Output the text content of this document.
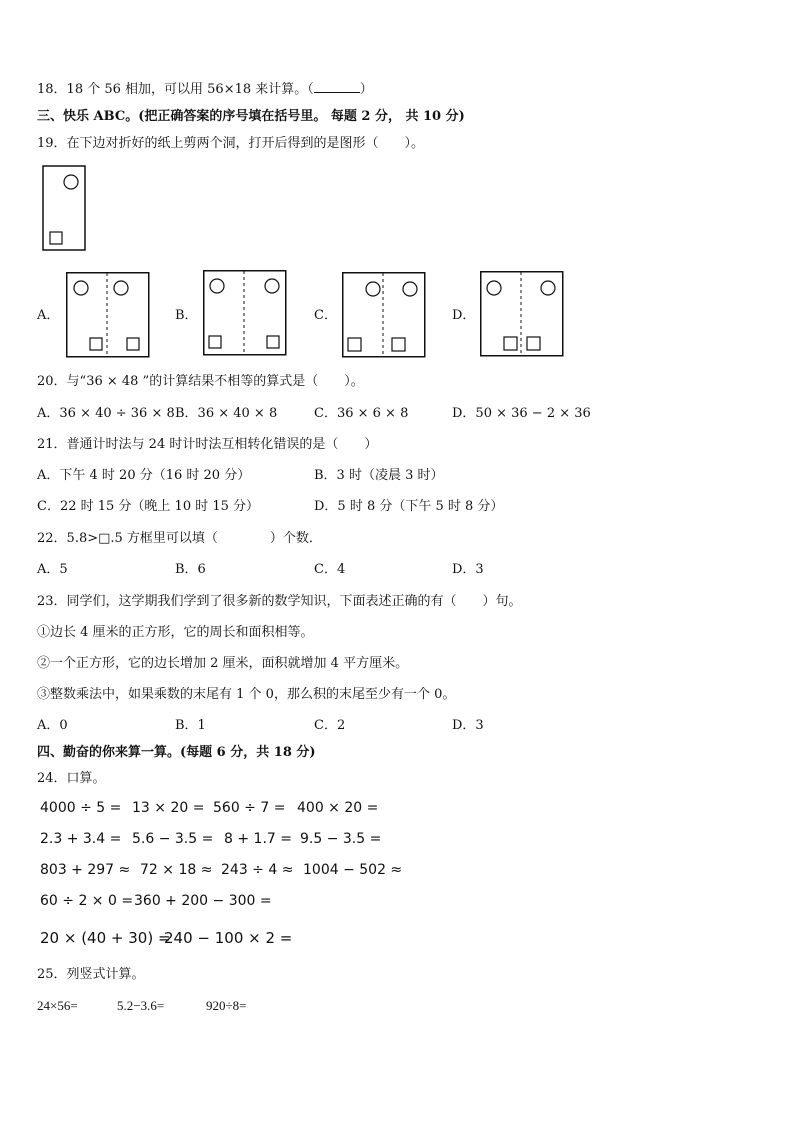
18．18 个 56 相加，可以用 56×18 来计算。（	）
三、快乐 ABC。(把正确答案的序号填在括号里。 每题 2 分， 共 10 分)
19．在下边对折好的纸上剪两个洞，打开后得到的是图形（　　）。
A．	B．	C．	D．
20．与“36 × 48 ”的计算结果不相等的算式是（　　）。
A．36 × 40 ÷ 36 × 8 B．36 × 40 × 8	C．36 × 6 × 8	D．50 × 36 − 2 × 36
21．普通计时法与 24 时计时法互相转化错误的是（　　）
A．下午 4 时 20 分（16 时 20 分）	B．3 时（凌晨 3 时）
C．22 时 15 分（晚上 10 时 15 分）	D．5 时 8 分（下午 5 时 8 分）
22．5.8>□.5 方框里可以填（　　　　）个数．
A．5	B．6	C．4	D．3
23．同学们，这学期我们学到了很多新的数学知识，下面表述正确的有（　　）句。
①边长 4 厘米的正方形，它的周长和面积相等。
②一个正方形，它的边长增加 2 厘米，面积就增加 4 平方厘米。
③整数乘法中，如果乘数的末尾有 1 个 0，那么积的末尾至少有一个 0。
A．0	B．1	C．2	D．3
四、勤奋的你来算一算。(每题 6 分，共 18 分)
24．口算。
4000 ÷ 5 = 13 × 20 = 560 ÷ 7 = 400 × 20 =
2.3 + 3.4 = 5.6 − 3.5 = 8 + 1.7 = 9.5 − 3.5 =
803 + 297 ≈ 72 × 18 ≈ 243 ÷ 4 ≈ 1004 − 502 ≈
60 ÷ 2 × 0 = 360 + 200 − 300 =
20 × (40 + 30) =
240 − 100 × 2 =
25．列竖式计算。
24×56=	5.2−3.6=	920÷8=
